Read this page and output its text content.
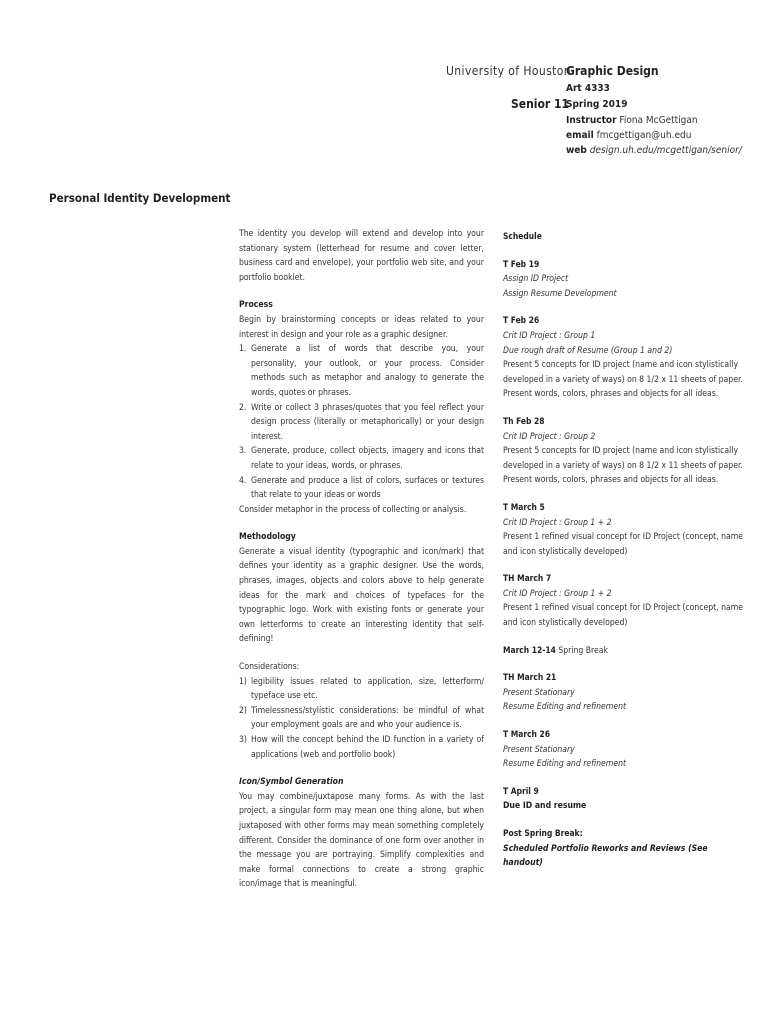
University of Houston
Graphic Design
Art 4333
Senior 11
Spring 2019
Instructor Fiona McGettigan
email fmcgettigan@uh.edu
web design.uh.edu/mcgettigan/senior/
Personal Identity Development
The identity you develop will extend and develop into your stationary system (letterhead for resume and cover letter, business card and envelope), your portfolio web site, and your portfolio booklet.
Process
Begin by brainstorming concepts or ideas related to your interest in design and your role as a graphic designer.
1. Generate a list of words that describe you, your personality, your outlook, or your process. Consider methods such as metaphor and analogy to generate the words, quotes or phrases.
2. Write or collect 3 phrases/quotes that you feel reflect your design process (literally or metaphorically) or your design interest.
3. Generate, produce, collect objects, imagery and icons that relate to your ideas, words, or phrases.
4. Generate and produce a list of colors, surfaces or textures that relate to your ideas or words
Consider metaphor in the process of collecting or analysis.
Methodology
Generate a visual identity (typographic and icon/mark) that defines your identity as a graphic designer. Use the words, phrases, images, objects and colors above to help generate ideas for the mark and choices of typefaces for the typographic logo. Work with existing fonts or generate your own letterforms to create an interesting identity that self-defining!
Considerations:
1) legibility issues related to application, size, letterform/ typeface use etc.
2) Timelessness/stylistic considerations: be mindful of what your employment goals are and who your audience is.
3) How will the concept behind the ID function in a variety of applications (web and portfolio book)
Icon/Symbol Generation
You may combine/juxtapose many forms. As with the last project, a singular form may mean one thing alone, but when juxtaposed with other forms may mean something completely different. Consider the dominance of one form over another in the message you are portraying. Simplify complexities and make formal connections to create a strong graphic icon/image that is meaningful.
Schedule
T Feb 19
Assign ID Project
Assign Resume Development
T Feb 26
Crit ID Project : Group 1
Due rough draft of Resume (Group 1 and 2)
Present 5 concepts for ID project (name and icon stylistically developed in a variety of ways) on 8 1/2 x 11 sheets of paper. Present words, colors, phrases and objects for all ideas.
Th Feb 28
Crit ID Project : Group 2
Present 5 concepts for ID project (name and icon stylistically developed in a variety of ways) on 8 1/2 x 11 sheets of paper. Present words, colors, phrases and objects for all ideas.
T March 5
Crit ID Project : Group 1 + 2
Present 1 refined visual concept for ID Project (concept, name and icon stylistically developed)
TH March 7
Crit ID Project : Group 1 + 2
Present 1 refined visual concept for ID Project (concept, name and icon stylistically developed)
March 12-14 Spring Break
TH March 21
Present Stationary
Resume Editing and refinement
T March 26
Present Stationary
Resume Editing and refinement
T April 9
Due ID and resume
Post Spring Break:
Scheduled Portfolio Reworks and Reviews (See handout)
